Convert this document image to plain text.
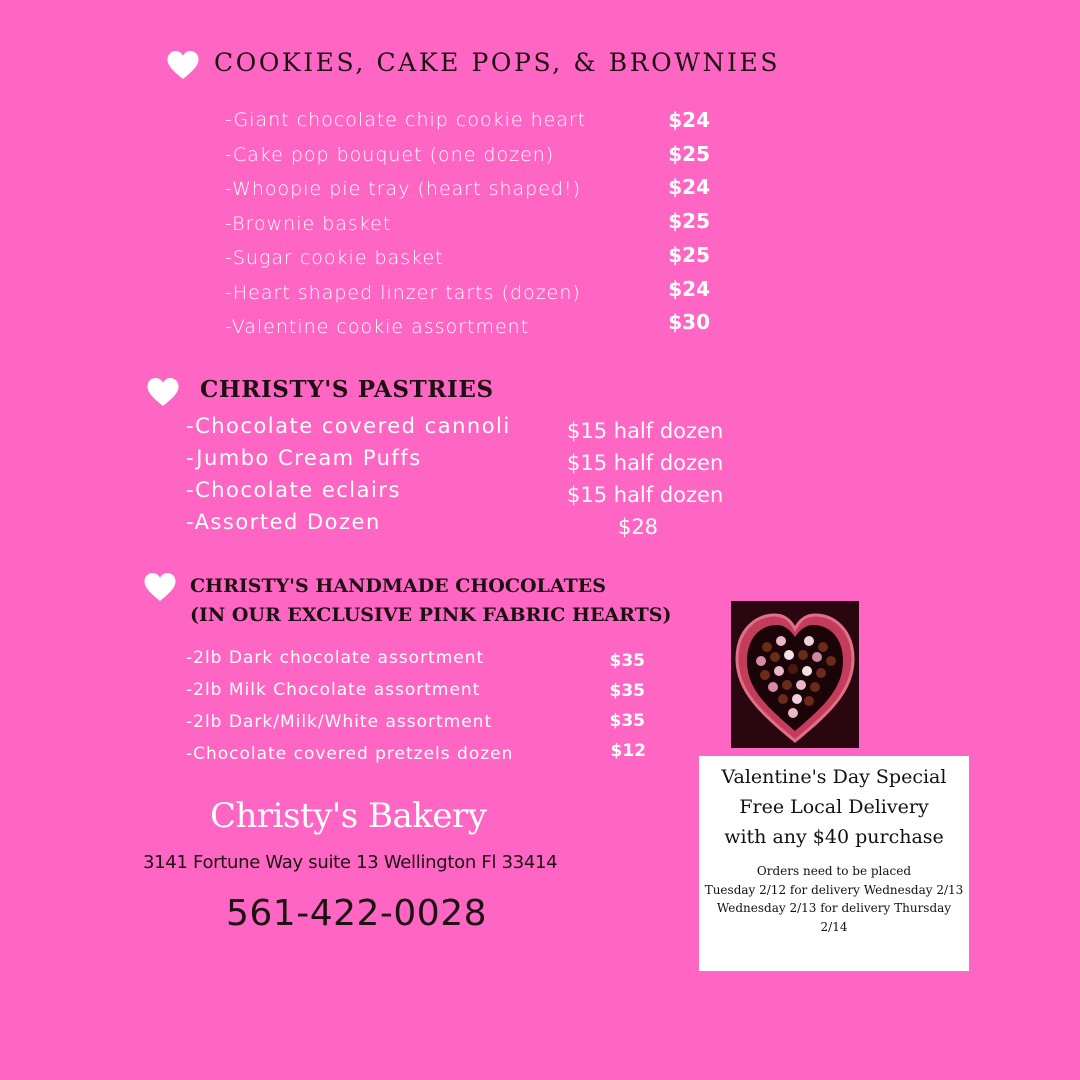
COOKIES, CAKE POPS, & BROWNIES
-Giant chocolate chip cookie heart	$24
-Cake pop bouquet (one dozen)	$25
-Whoopie pie tray (heart shaped!)	$24
-Brownie basket	$25
-Sugar cookie basket	$25
-Heart shaped linzer tarts (dozen)	$24
-Valentine cookie assortment	$30
CHRISTY'S PASTRIES
-Chocolate covered cannoli	$15 half dozen
-Jumbo Cream Puffs	$15 half dozen
-Chocolate eclairs	$15 half dozen
-Assorted Dozen	$28
CHRISTY'S HANDMADE CHOCOLATES
(IN OUR EXCLUSIVE PINK FABRIC HEARTS)
-2lb Dark chocolate assortment	$35
-2lb Milk Chocolate assortment	$35
-2lb Dark/Milk/White assortment	$35
-Chocolate covered pretzels dozen	$12
Valentine's Day Special
Free Local Delivery
with any $40 purchase
Orders need to be placed
Tuesday 2/12 for delivery Wednesday 2/13
Wednesday 2/13 for delivery Thursday 2/14
Christy's Bakery
3141 Fortune Way suite 13 Wellington Fl 33414
561-422-0028
